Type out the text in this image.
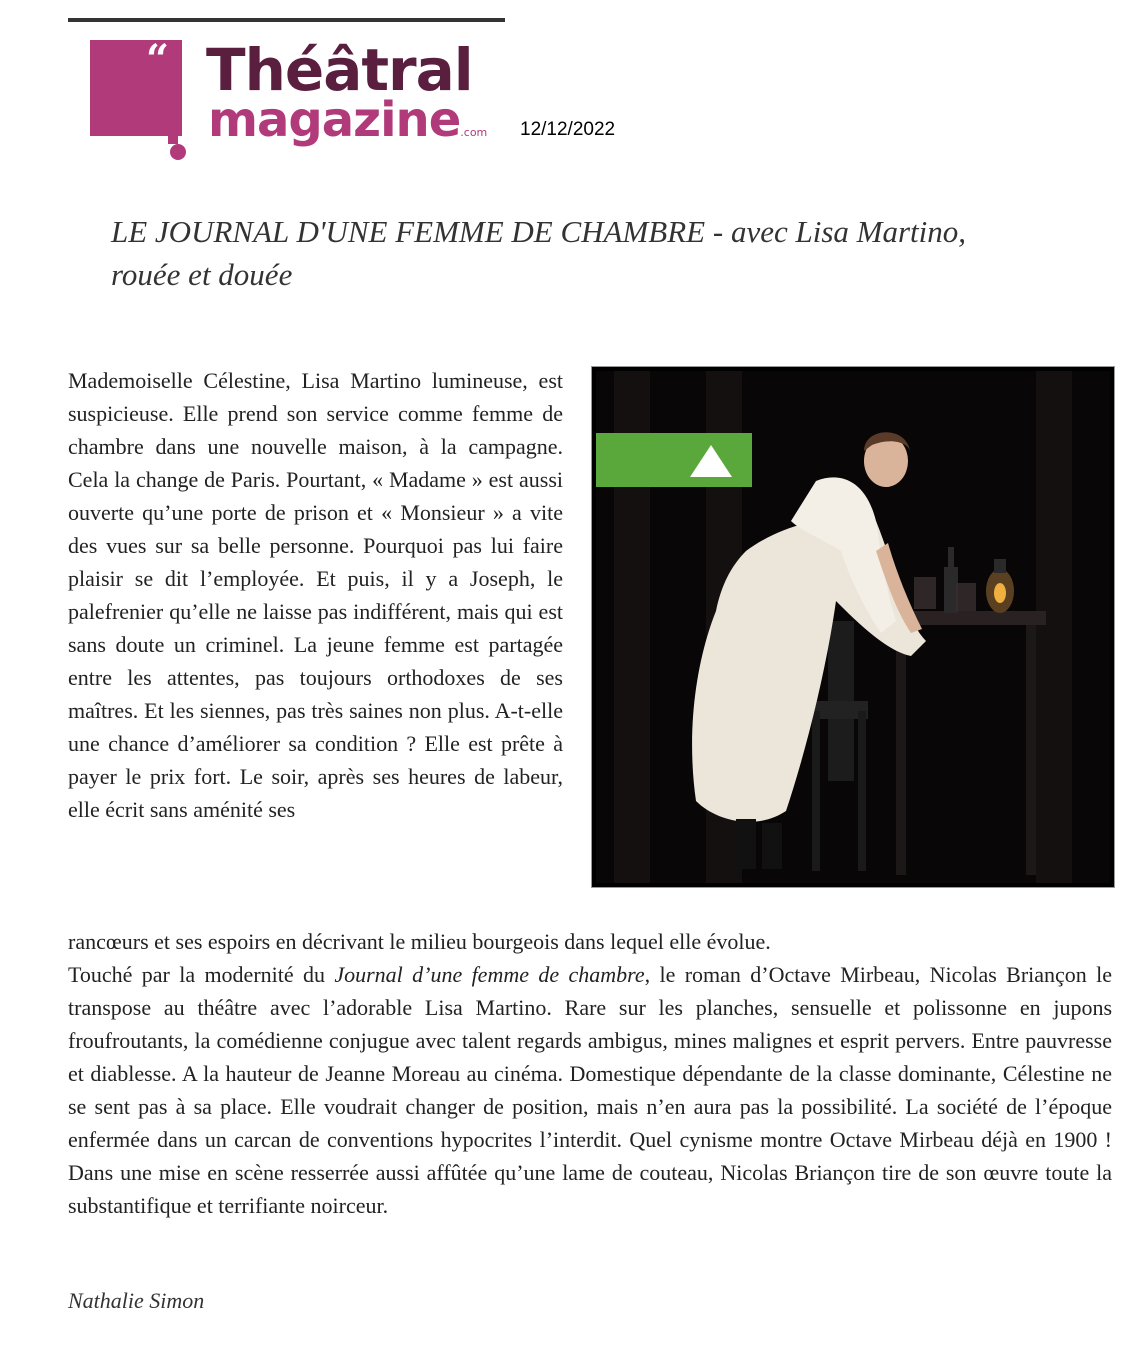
“ Théâtral
magazine.com 12/12/2022
LE JOURNAL D'UNE FEMME DE CHAMBRE - avec Lisa Martino,
rouée et douée
Mademoiselle Célestine, Lisa Martino lumineuse, est suspicieuse. Elle prend son service comme femme de chambre dans une nouvelle maison, à la campagne. Cela la change de Paris. Pourtant, « Madame » est aussi ouverte qu’une porte de prison et « Monsieur » a vite des vues sur sa belle personne. Pourquoi pas lui faire plaisir se dit l’employée. Et puis, il y a Joseph, le palefrenier qu’elle ne laisse pas indifférent, mais qui est sans doute un criminel. La jeune femme est partagée entre les attentes, pas toujours orthodoxes de ses maîtres. Et les siennes, pas très saines non plus. A-t-elle une chance d’améliorer sa condition ? Elle est prête à payer le prix fort. Le soir, après ses heures de labeur, elle écrit sans aménité ses

rancœurs et ses espoirs en décrivant le milieu bourgeois dans lequel elle évolue.

Touché par la modernité du Journal d’une femme de chambre, le roman d’Octave Mirbeau, Nicolas Briançon le transpose au théâtre avec l’adorable Lisa Martino. Rare sur les planches, sensuelle et polissonne en jupons froufroutants, la comédienne conjugue avec talent regards ambigus, mines malignes et esprit pervers. Entre pauvresse et diablesse. A la hauteur de Jeanne Moreau au cinéma. Domestique dépendante de la classe dominante, Célestine ne se sent pas à sa place. Elle voudrait changer de position, mais n’en aura pas la possibilité. La société de l’époque enfermée dans un carcan de conventions hypocrites l’interdit. Quel cynisme montre Octave Mirbeau déjà en 1900 ! Dans une mise en scène resserrée aussi affûtée qu’une lame de couteau, Nicolas Briançon tire de son œuvre toute la substantifique et terrifiante noirceur.

Nathalie Simon
